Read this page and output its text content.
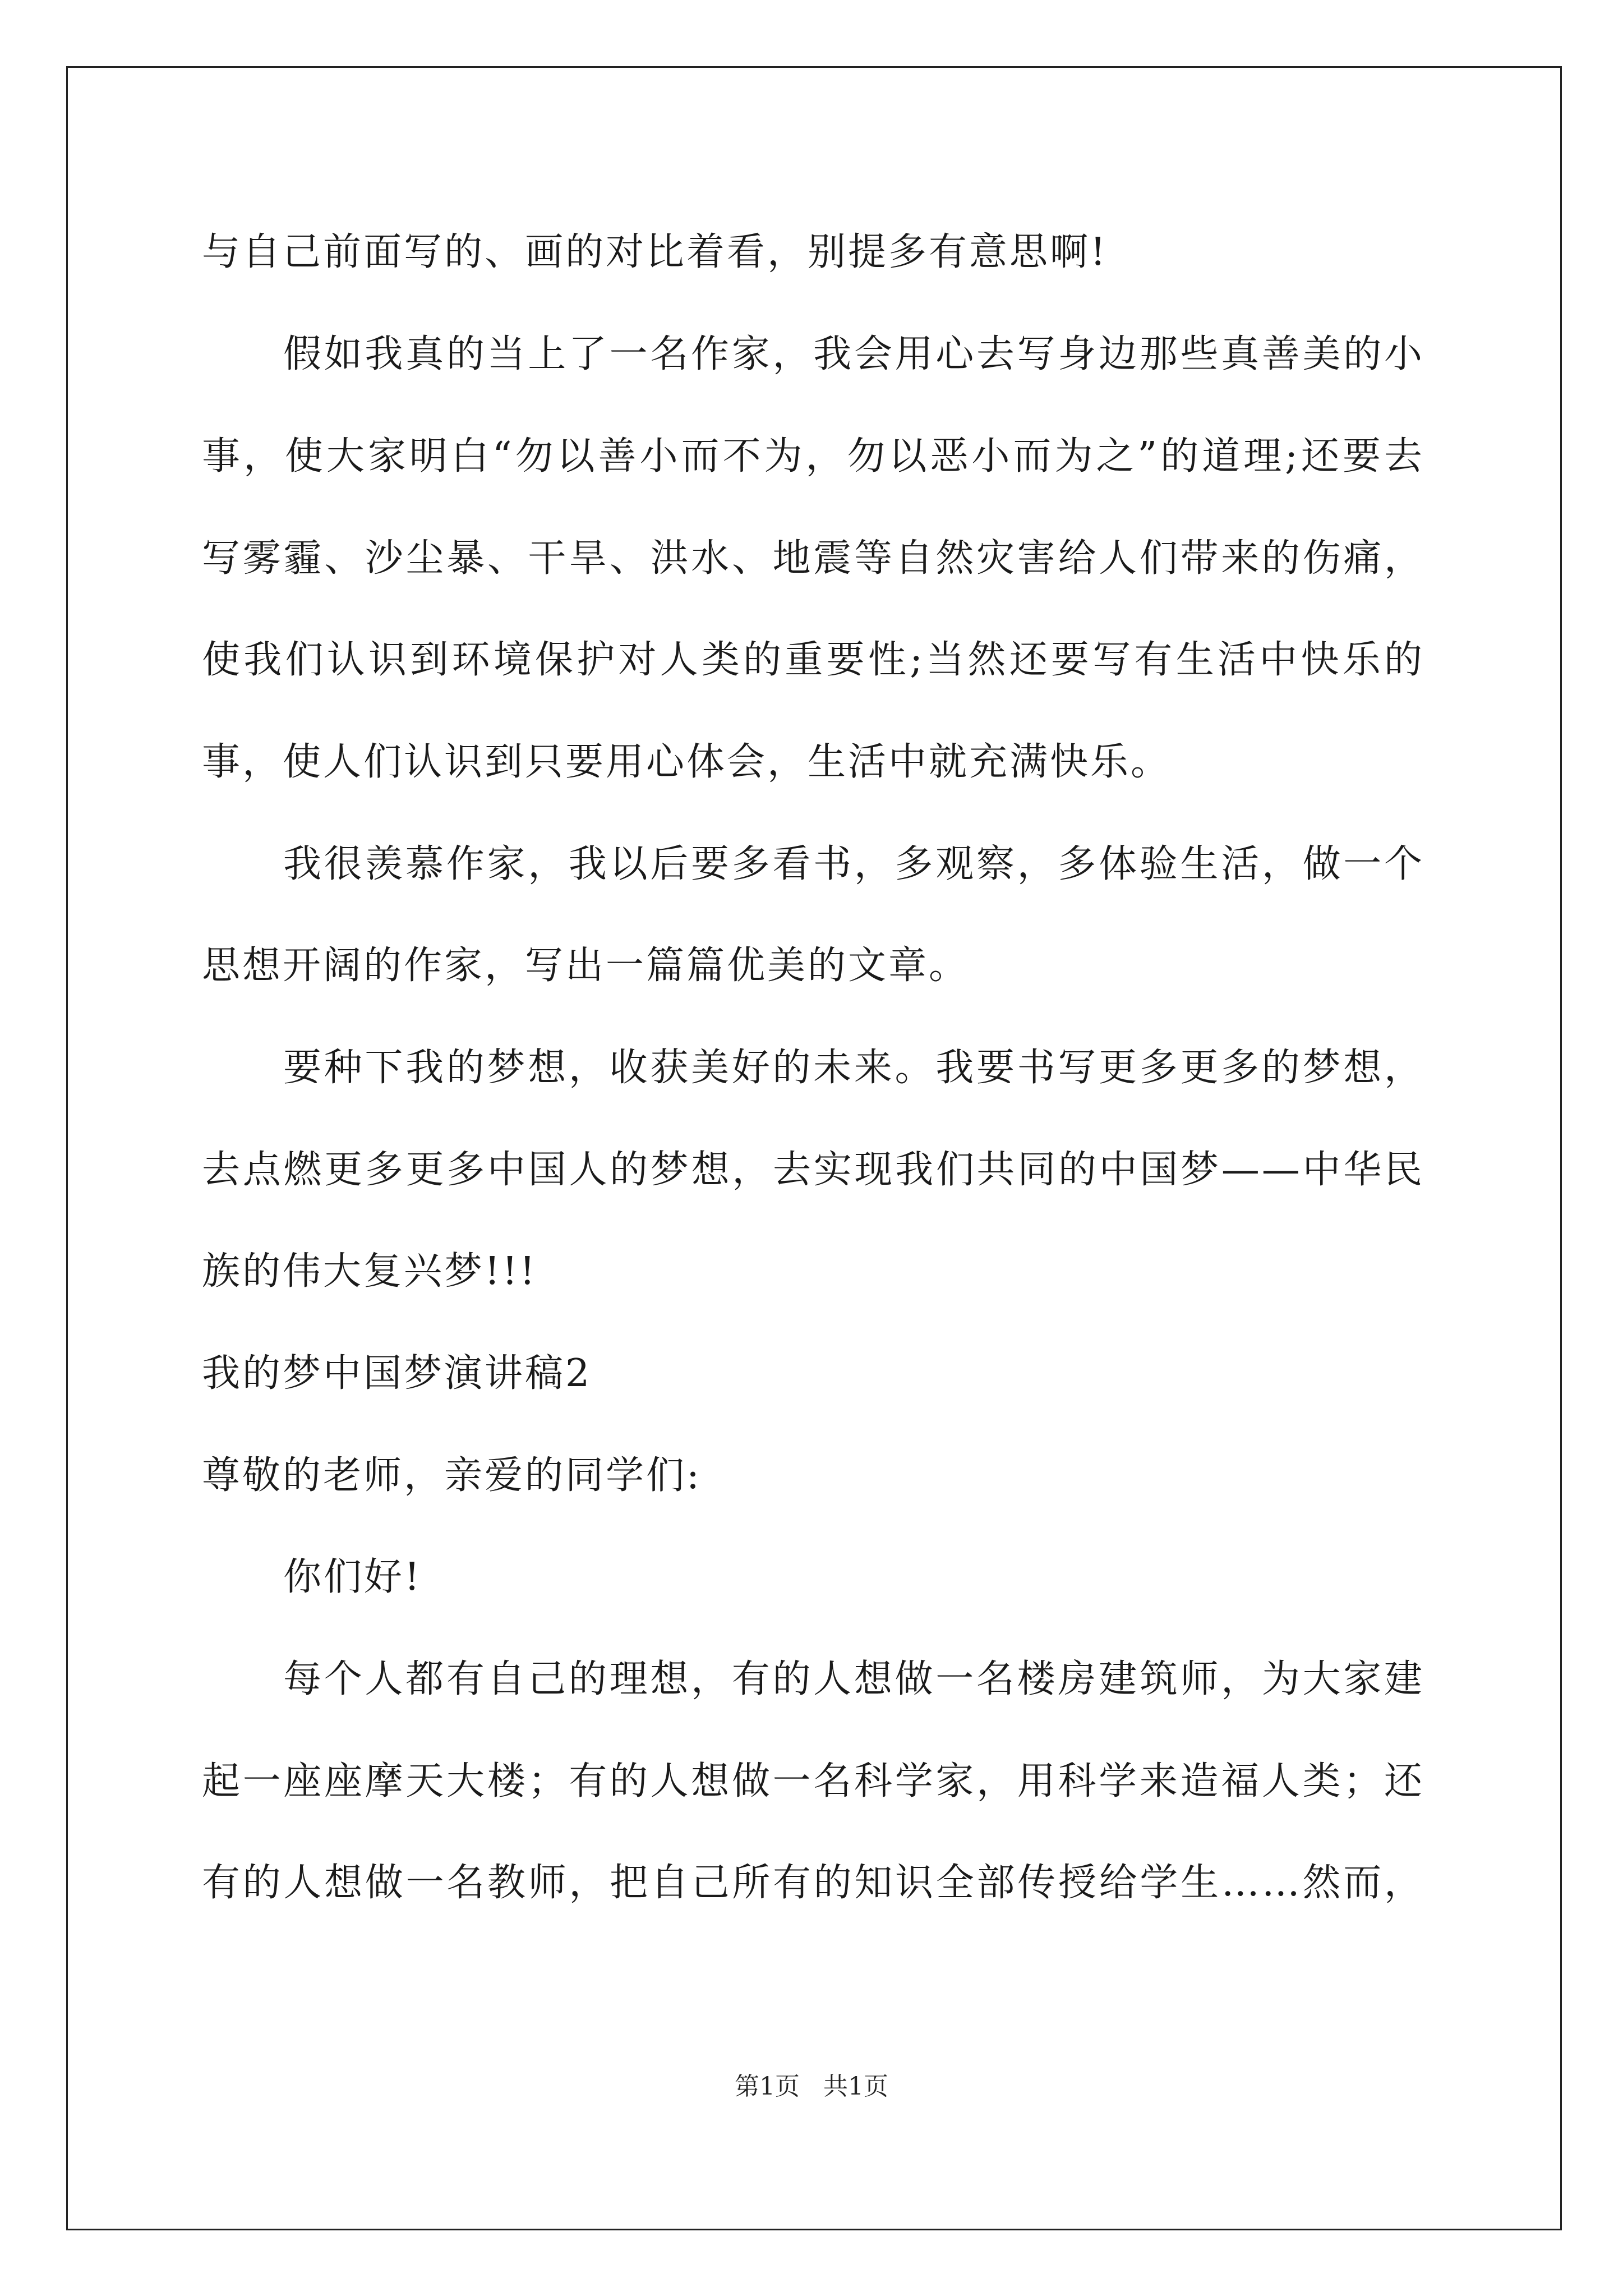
与自己前面写的、画的对比着看，别提多有意思啊!
假如我真的当上了一名作家，我会用心去写身边那些真善美的小
事，使大家明白“勿以善小而不为，勿以恶小而为之”的道理;还要去
写雾霾、沙尘暴、干旱、洪水、地震等自然灾害给人们带来的伤痛，
使我们认识到环境保护对人类的重要性;当然还要写有生活中快乐的
事，使人们认识到只要用心体会，生活中就充满快乐。
我很羡慕作家，我以后要多看书，多观察，多体验生活，做一个
思想开阔的作家，写出一篇篇优美的文章。
要种下我的梦想，收获美好的未来。我要书写更多更多的梦想，
去点燃更多更多中国人的梦想，去实现我们共同的中国梦——中华民
族的伟大复兴梦!!!
我的梦中国梦演讲稿2
尊敬的老师，亲爱的同学们:
你们好!
每个人都有自己的理想，有的人想做一名楼房建筑师，为大家建
起一座座摩天大楼；有的人想做一名科学家，用科学来造福人类；还
有的人想做一名教师，把自己所有的知识全部传授给学生……然而，
第1页 共1页
